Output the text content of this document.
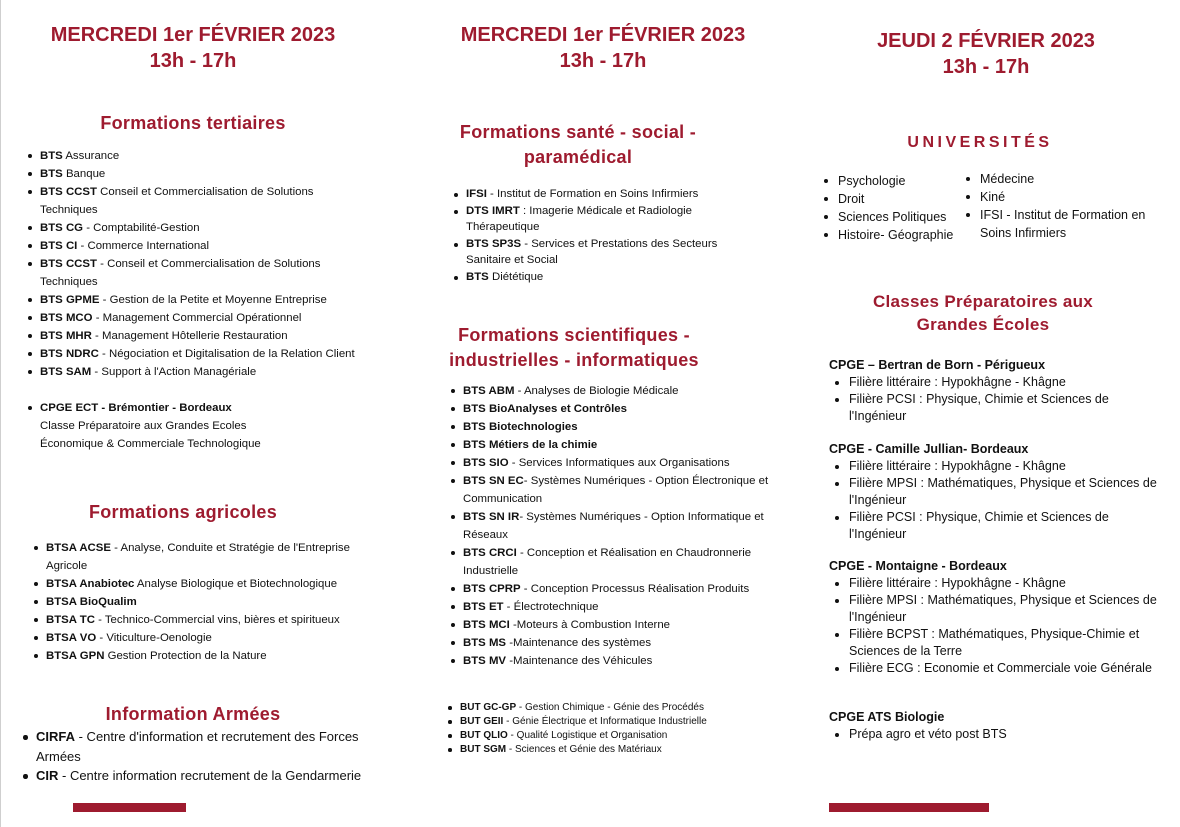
MERCREDI 1er FÉVRIER 2023
13h - 17h
Formations tertiaires
BTS Assurance
BTS Banque
BTS CCST Conseil et Commercialisation de Solutions Techniques
BTS CG - Comptabilité-Gestion
BTS CI - Commerce International
BTS CCST - Conseil et Commercialisation de Solutions Techniques
BTS GPME - Gestion de la Petite et Moyenne Entreprise
BTS MCO - Management Commercial Opérationnel
BTS MHR - Management Hôtellerie Restauration
BTS NDRC - Négociation et Digitalisation de la Relation Client
BTS SAM - Support à l'Action Managériale
CPGE ECT - Brémontier - Bordeaux
Classe Préparatoire aux Grandes Ecoles
Économique & Commerciale Technologique
Formations agricoles
BTSA ACSE - Analyse, Conduite et Stratégie de l'Entreprise Agricole
BTSA Anabiotec Analyse Biologique et Biotechnologique
BTSA BioQualim
BTSA TC - Technico-Commercial vins, bières et spiritueux
BTSA VO - Viticulture-Oenologie
BTSA GPN Gestion Protection de la Nature
Information Armées
CIRFA - Centre d'information et recrutement des Forces Armées
CIR - Centre information recrutement de la Gendarmerie
MERCREDI 1er FÉVRIER 2023
13h - 17h
Formations santé - social -
paramédical
IFSI - Institut de Formation en Soins Infirmiers
DTS IMRT : Imagerie Médicale et Radiologie Thérapeutique
BTS SP3S - Services et Prestations des Secteurs Sanitaire et Social
BTS Diététique
Formations scientifiques -
industrielles - informatiques
BTS ABM - Analyses de Biologie Médicale
BTS BioAnalyses et Contrôles
BTS Biotechnologies
BTS Métiers de la chimie
BTS SIO - Services Informatiques aux Organisations
BTS SN EC- Systèmes Numériques - Option Électronique et Communication
BTS SN IR- Systèmes Numériques - Option Informatique et Réseaux
BTS CRCI - Conception et Réalisation en Chaudronnerie Industrielle
BTS CPRP - Conception Processus Réalisation Produits
BTS ET - Électrotechnique
BTS MCI -Moteurs à Combustion Interne
BTS MS -Maintenance des systèmes
BTS MV -Maintenance des Véhicules
BUT GC-GP - Gestion Chimique - Génie des Procédés
BUT GEII - Génie Électrique et Informatique Industrielle
BUT QLIO - Qualité Logistique et Organisation
BUT SGM - Sciences et Génie des Matériaux
JEUDI 2 FÉVRIER 2023
13h - 17h
UNIVERSITÉS
Psychologie
Droit
Sciences Politiques
Histoire- Géographie
Médecine
Kiné
IFSI - Institut de Formation en Soins Infirmiers
Classes Préparatoires aux
Grandes Écoles
CPGE – Bertran de Born - Périgueux
Filière littéraire : Hypokhâgne - Khâgne
Filière PCSI : Physique, Chimie et Sciences de l'Ingénieur
CPGE - Camille Jullian- Bordeaux
Filière littéraire : Hypokhâgne - Khâgne
Filière MPSI : Mathématiques, Physique et Sciences de l'Ingénieur
Filière PCSI : Physique, Chimie et Sciences de l'Ingénieur
CPGE - Montaigne - Bordeaux
Filière littéraire : Hypokhâgne - Khâgne
Filière MPSI : Mathématiques, Physique et Sciences de l'Ingénieur
Filière BCPST : Mathématiques, Physique-Chimie et Sciences de la Terre
Filière ECG : Economie et Commerciale voie Générale
CPGE ATS Biologie
Prépa agro et véto post BTS
